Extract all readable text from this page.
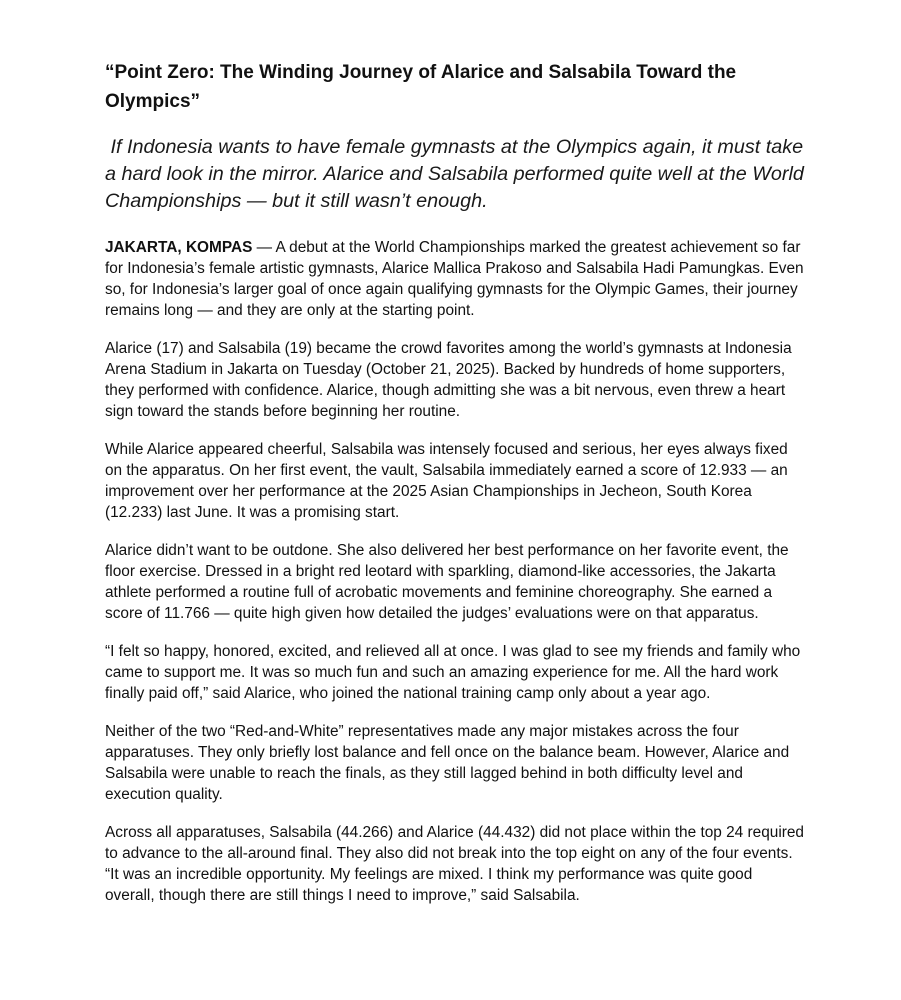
“Point Zero: The Winding Journey of Alarice and Salsabila Toward the Olympics”

If Indonesia wants to have female gymnasts at the Olympics again, it must take a hard look in the mirror. Alarice and Salsabila performed quite well at the World Championships — but it still wasn’t enough.

JAKARTA, KOMPAS — A debut at the World Championships marked the greatest achievement so far for Indonesia’s female artistic gymnasts, Alarice Mallica Prakoso and Salsabila Hadi Pamungkas. Even so, for Indonesia’s larger goal of once again qualifying gymnasts for the Olympic Games, their journey remains long — and they are only at the starting point.

Alarice (17) and Salsabila (19) became the crowd favorites among the world’s gymnasts at Indonesia Arena Stadium in Jakarta on Tuesday (October 21, 2025). Backed by hundreds of home supporters, they performed with confidence. Alarice, though admitting she was a bit nervous, even threw a heart sign toward the stands before beginning her routine.

While Alarice appeared cheerful, Salsabila was intensely focused and serious, her eyes always fixed on the apparatus. On her first event, the vault, Salsabila immediately earned a score of 12.933 — an improvement over her performance at the 2025 Asian Championships in Jecheon, South Korea (12.233) last June. It was a promising start.

Alarice didn’t want to be outdone. She also delivered her best performance on her favorite event, the floor exercise. Dressed in a bright red leotard with sparkling, diamond-like accessories, the Jakarta athlete performed a routine full of acrobatic movements and feminine choreography. She earned a score of 11.766 — quite high given how detailed the judges’ evaluations were on that apparatus.

“I felt so happy, honored, excited, and relieved all at once. I was glad to see my friends and family who came to support me. It was so much fun and such an amazing experience for me. All the hard work finally paid off,” said Alarice, who joined the national training camp only about a year ago.

Neither of the two “Red-and-White” representatives made any major mistakes across the four apparatuses. They only briefly lost balance and fell once on the balance beam. However, Alarice and Salsabila were unable to reach the finals, as they still lagged behind in both difficulty level and execution quality.

Across all apparatuses, Salsabila (44.266) and Alarice (44.432) did not place within the top 24 required to advance to the all-around final. They also did not break into the top eight on any of the four events. “It was an incredible opportunity. My feelings are mixed. I think my performance was quite good overall, though there are still things I need to improve,” said Salsabila.
